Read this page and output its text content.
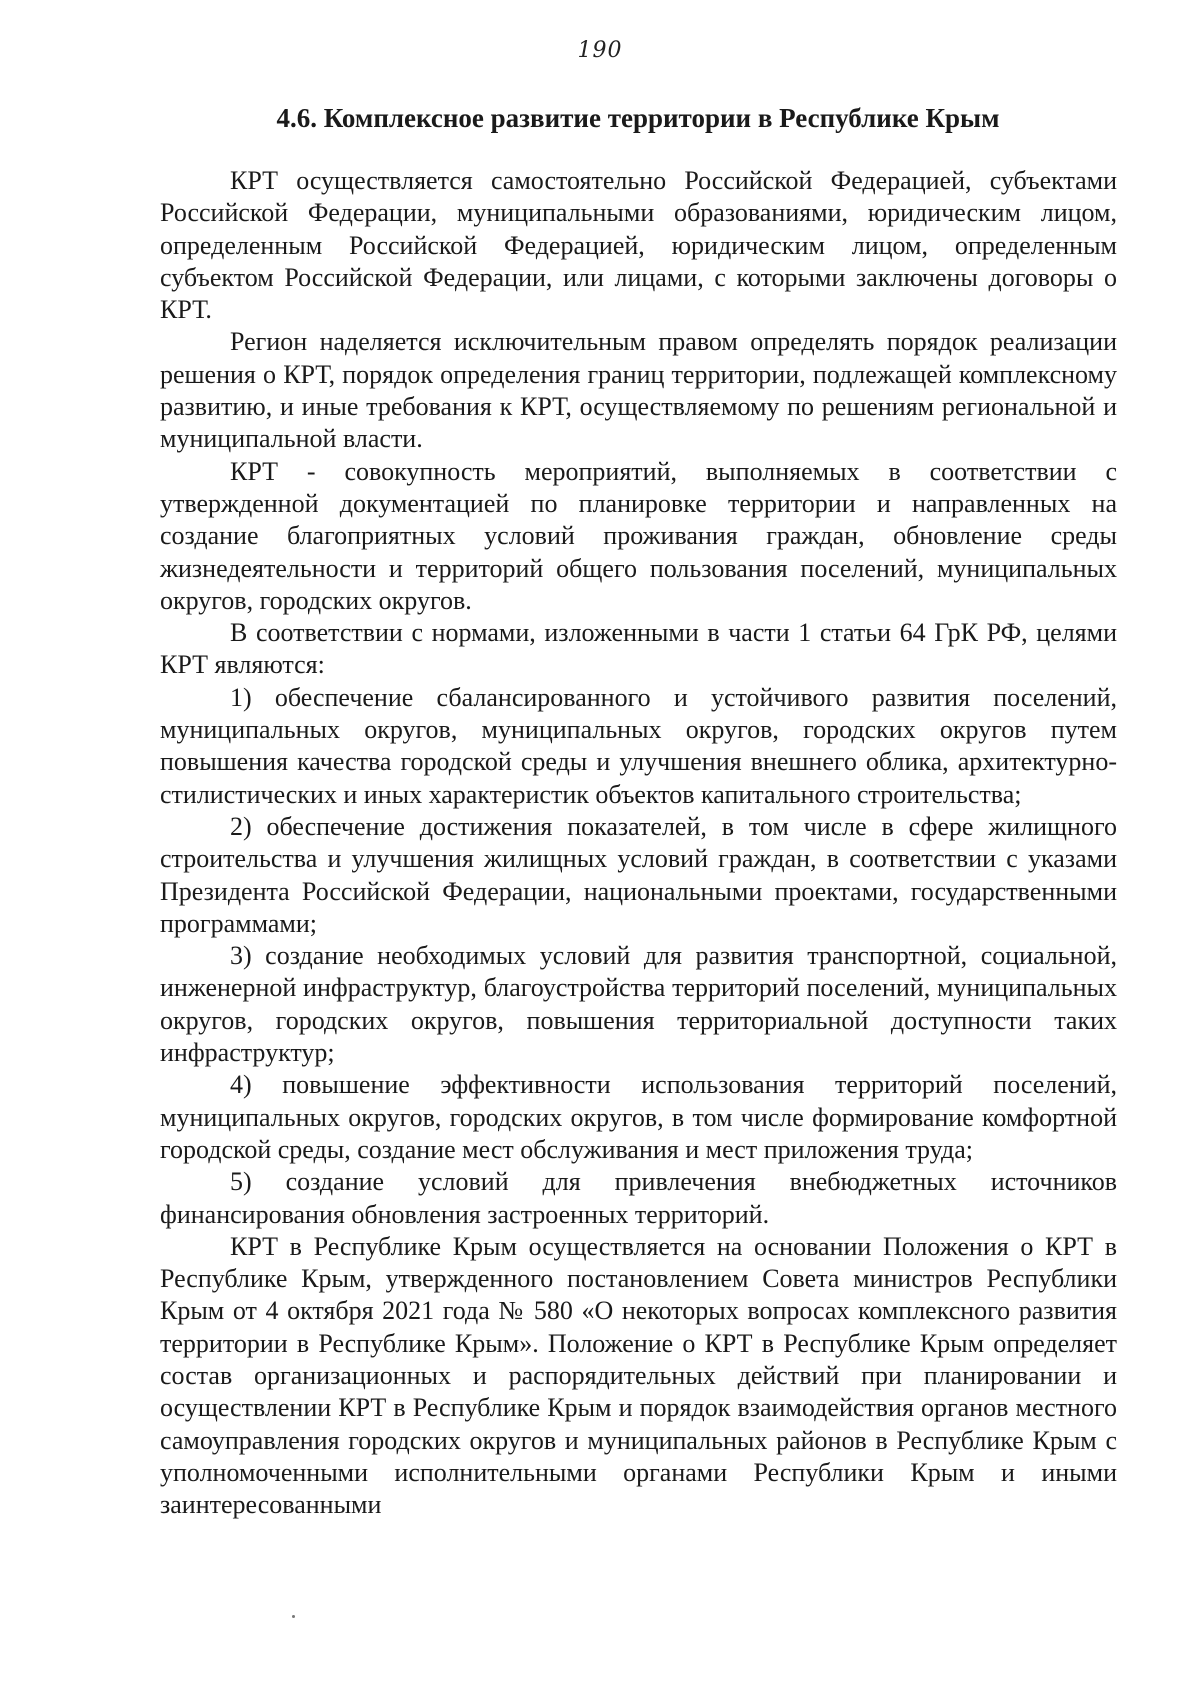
190
4.6. Комплексное развитие территории в Республике Крым

КРТ осуществляется самостоятельно Российской Федерацией, субъектами Российской Федерации, муниципальными образованиями, юридическим лицом, определенным Российской Федерацией, юридическим лицом, определенным субъектом Российской Федерации, или лицами, с которыми заключены договоры о КРТ.

Регион наделяется исключительным правом определять порядок реализации решения о КРТ, порядок определения границ территории, подлежащей комплексному развитию, и иные требования к КРТ, осуществляемому по решениям региональной и муниципальной власти.

КРТ - совокупность мероприятий, выполняемых в соответствии с утвержденной документацией по планировке территории и направленных на создание благоприятных условий проживания граждан, обновление среды жизнедеятельности и территорий общего пользования поселений, муниципальных округов, городских округов.

В соответствии с нормами, изложенными в части 1 статьи 64 ГрК РФ, целями КРТ являются:

1) обеспечение сбалансированного и устойчивого развития поселений, муниципальных округов, муниципальных округов, городских округов путем повышения качества городской среды и улучшения внешнего облика, архитектурно-стилистических и иных характеристик объектов капитального строительства;

2) обеспечение достижения показателей, в том числе в сфере жилищного строительства и улучшения жилищных условий граждан, в соответствии с указами Президента Российской Федерации, национальными проектами, государственными программами;

3) создание необходимых условий для развития транспортной, социальной, инженерной инфраструктур, благоустройства территорий поселений, муниципальных округов, городских округов, повышения территориальной доступности таких инфраструктур;

4) повышение эффективности использования территорий поселений, муниципальных округов, городских округов, в том числе формирование комфортной городской среды, создание мест обслуживания и мест приложения труда;

5) создание условий для привлечения внебюджетных источников финансирования обновления застроенных территорий.

КРТ в Республике Крым осуществляется на основании Положения о КРТ в Республике Крым, утвержденного постановлением Совета министров Республики Крым от 4 октября 2021 года № 580 «О некоторых вопросах комплексного развития территории в Республике Крым». Положение о КРТ в Республике Крым определяет состав организационных и распорядительных действий при планировании и осуществлении КРТ в Республике Крым и порядок взаимодействия органов местного самоуправления городских округов и муниципальных районов в Республике Крым с уполномоченными исполнительными органами Республики Крым и иными заинтересованными
